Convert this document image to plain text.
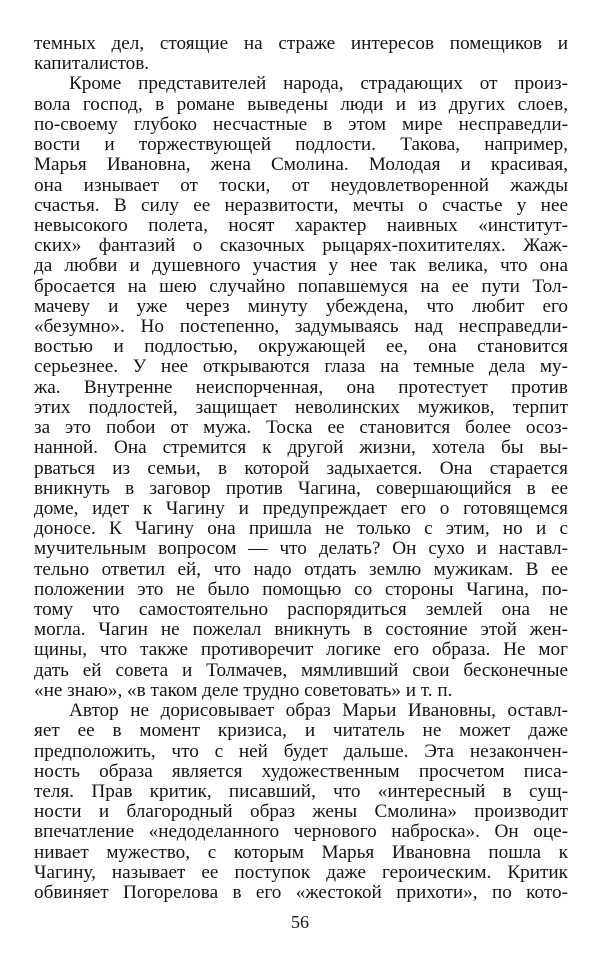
темных дел, стоящие на страже интересов помещиков и
капиталистов.
Кроме представителей народа, страдающих от произ-
вола господ, в романе выведены люди и из других слоев,
по-своему глубоко несчастные в этом мире несправедли-
вости и торжествующей подлости. Такова, например,
Марья Ивановна, жена Смолина. Молодая и красивая,
она изнывает от тоски, от неудовлетворенной жажды
счастья. В силу ее неразвитости, мечты о счастье у нее
невысокого полета, носят характер наивных «институт-
ских» фантазий о сказочных рыцарях-похитителях. Жаж-
да любви и душевного участия у нее так велика, что она
бросается на шею случайно попавшемуся на ее пути Тол-
мачеву и уже через минуту убеждена, что любит его
«безумно». Но постепенно, задумываясь над несправедли-
востью и подлостью, окружающей ее, она становится
серьезнее. У нее открываются глаза на темные дела му-
жа. Внутренне неиспорченная, она протестует против
этих подлостей, защищает неволинских мужиков, терпит
за это побои от мужа. Тоска ее становится более осоз-
нанной. Она стремится к другой жизни, хотела бы вы-
рваться из семьи, в которой задыхается. Она старается
вникнуть в заговор против Чагина, совершающийся в ее
доме, идет к Чагину и предупреждает его о готовящемся
доносе. К Чагину она пришла не только с этим, но и с
мучительным вопросом — что делать? Он сухо и наставл-
тельно ответил ей, что надо отдать землю мужикам. В ее
положении это не было помощью со стороны Чагина, по-
тому что самостоятельно распорядиться землей она не
могла. Чагин не пожелал вникнуть в состояние этой жен-
щины, что также противоречит логике его образа. Не мог
дать ей совета и Толмачев, мямливший свои бесконечные
«не знаю», «в таком деле трудно советовать» и т. п.
Автор не дорисовывает образ Марьи Ивановны, оставл-
яет ее в момент кризиса, и читатель не может даже
предположить, что с ней будет дальше. Эта незакончен-
ность образа является художественным просчетом писа-
теля. Прав критик, писавший, что «интересный в сущ-
ности и благородный образ жены Смолина» производит
впечатление «недоделанного чернового наброска». Он оце-
нивает мужество, с которым Марья Ивановна пошла к
Чагину, называет ее поступок даже героическим. Критик
обвиняет Погорелова в его «жестокой прихоти», по кото-
56
